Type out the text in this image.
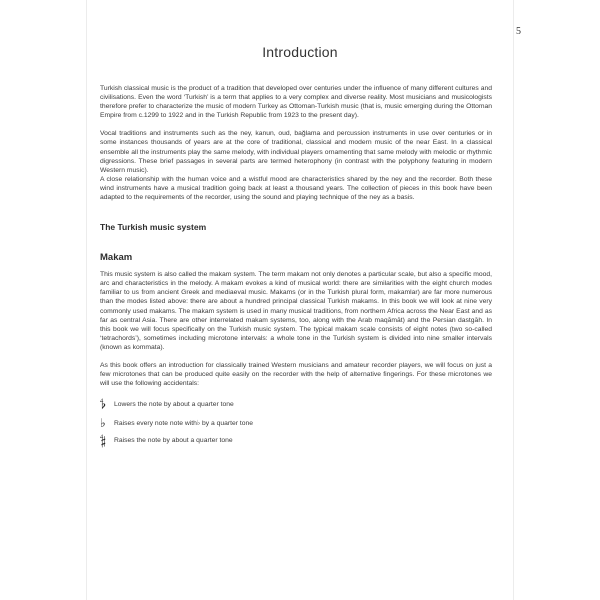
5
Introduction

Turkish classical music is the product of a tradition that developed over centuries under the influence of many different cultures and civilisations. Even the word ‘Turkish’ is a term that applies to a very complex and diverse reality. Most musicians and musicologists therefore prefer to characterize the music of modern Turkey as Ottoman-Turkish music (that is, music emerging during the Ottoman Empire from c.1299 to 1922 and in the Turkish Republic from 1923 to the present day).

Vocal traditions and instruments such as the ney, kanun, oud, bağlama and percussion instruments in use over centuries or in some instances thousands of years are at the core of traditional, classical and modern music of the near East. In a classical ensemble all the instruments play the same melody, with individual players ornamenting that same melody with melodic or rhythmic digressions. These brief passages in several parts are termed heterophony (in contrast with the polyphony featuring in modern Western music).

A close relationship with the human voice and a wistful mood are characteristics shared by the ney and the recorder. Both these wind instruments have a musical tradition going back at least a thousand years. The collection of pieces in this book have been adapted to the requirements of the recorder, using the sound and playing technique of the ney as a basis.

The Turkish music system
Makam

This music system is also called the makam system. The term makam not only denotes a particular scale, but also a specific mood, arc and characteristics in the melody. A makam evokes a kind of musical world: there are similarities with the eight church modes familiar to us from ancient Greek and mediaeval music. Makams (or in the Turkish plural form, makamlar) are far more numerous than the modes listed above: there are about a hundred principal classical Turkish makams. In this book we will look at nine very commonly used makams. The makam system is used in many musical traditions, from northern Africa across the Near East and as far as central Asia. There are other interrelated makam systems, too, along with the Arab maqāmāt) and the Persian dastgāh. In this book we will focus specifically on the Turkish music system. The typical makam scale consists of eight notes (two so-called ‘tetrachords’), sometimes including microtone intervals: a whole tone in the Turkish system is divided into nine smaller intervals (known as kommata).

As this book offers an introduction for classically trained Western musicians and amateur recorder players, we will focus on just a few microtones that can be produced quite easily on the recorder with the help of alternative fingerings. For these microtones we will use the following accidentals:

𝄳	Lowers the note by about a quarter tone
♭	Raises every note note with♭ by a quarter tone
𝄲	Raises the note by about a quarter tone
